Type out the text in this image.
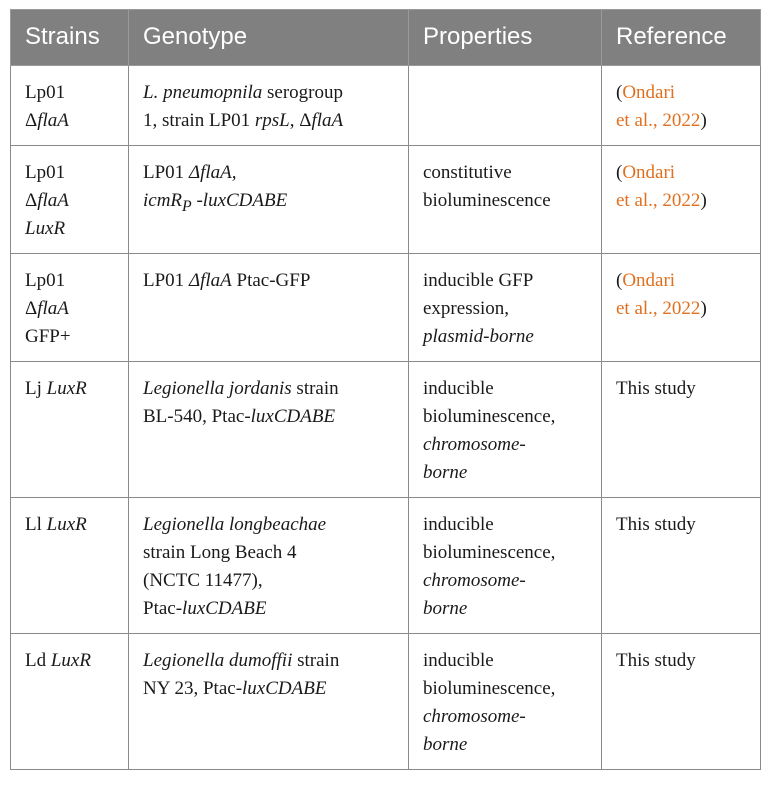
Strains	Genotype	Properties	Reference

Lp01
ΔflaA	L. pneumopnila serogroup
1, strain LP01 rpsL, ΔflaA		(Ondari
et al., 2022)

Lp01
ΔflaA
LuxR	LP01 ΔflaA,
icmR$_P$ -luxCDABE	constitutive
bioluminescence	(Ondari
et al., 2022)

Lp01
ΔflaA
GFP+	LP01 ΔflaA Ptac-GFP	inducible GFP
expression,
plasmid-borne	(Ondari
et al., 2022)

Lj LuxR	Legionella jordanis strain
BL-540, Ptac-luxCDABE	inducible
bioluminescence,
chromosome-
borne	This study

Ll LuxR	Legionella longbeachae
strain Long Beach 4
(NCTC 11477),
Ptac-luxCDABE	inducible
bioluminescence,
chromosome-
borne	This study

Ld LuxR	Legionella dumoffii strain
NY 23, Ptac-luxCDABE	inducible
bioluminescence,
chromosome-
borne	This study
